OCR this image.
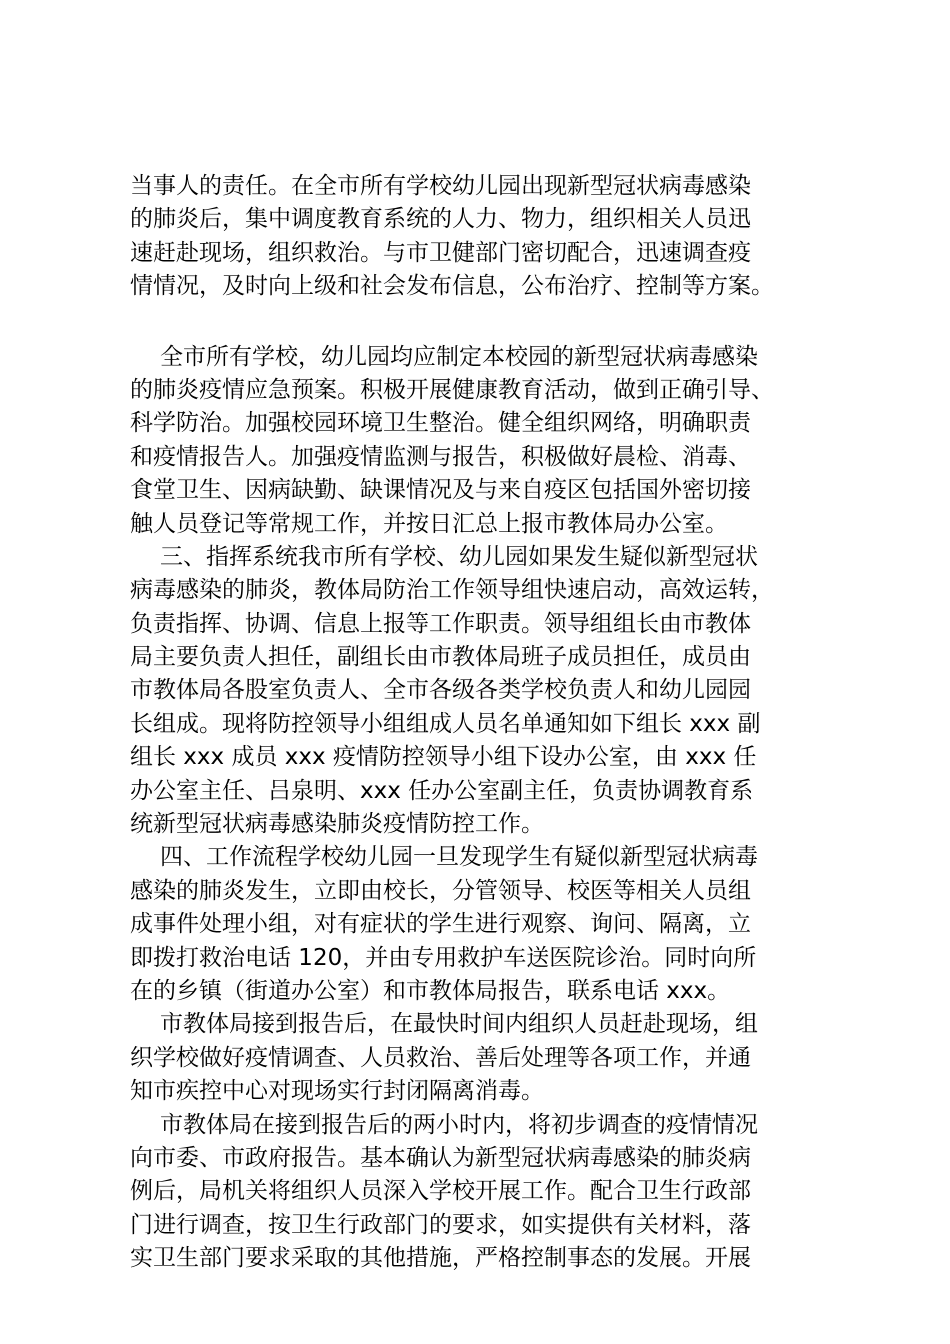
当事人的责任。在全市所有学校幼儿园出现新型冠状病毒感染
的肺炎后，集中调度教育系统的人力、物力，组织相关人员迅
速赶赴现场，组织救治。与市卫健部门密切配合，迅速调查疫
情情况，及时向上级和社会发布信息，公布治疗、控制等方案。
全市所有学校，幼儿园均应制定本校园的新型冠状病毒感染
的肺炎疫情应急预案。积极开展健康教育活动，做到正确引导、
科学防治。加强校园环境卫生整治。健全组织网络，明确职责
和疫情报告人。加强疫情监测与报告，积极做好晨检、消毒、
食堂卫生、因病缺勤、缺课情况及与来自疫区包括国外密切接
触人员登记等常规工作，并按日汇总上报市教体局办公室。
三、指挥系统我市所有学校、幼儿园如果发生疑似新型冠状
病毒感染的肺炎，教体局防治工作领导组快速启动，高效运转，
负责指挥、协调、信息上报等工作职责。领导组组长由市教体
局主要负责人担任，副组长由市教体局班子成员担任，成员由
市教体局各股室负责人、全市各级各类学校负责人和幼儿园园
长组成。现将防控领导小组组成人员名单通知如下组长 xxx 副
组长 xxx 成员 xxx 疫情防控领导小组下设办公室，由 xxx 任
办公室主任、吕泉明、xxx 任办公室副主任，负责协调教育系
统新型冠状病毒感染肺炎疫情防控工作。
四、工作流程学校幼儿园一旦发现学生有疑似新型冠状病毒
感染的肺炎发生，立即由校长，分管领导、校医等相关人员组
成事件处理小组，对有症状的学生进行观察、询问、隔离，立
即拨打救治电话 120，并由专用救护车送医院诊治。同时向所
在的乡镇（街道办公室）和市教体局报告，联系电话 xxx。
市教体局接到报告后，在最快时间内组织人员赶赴现场，组
织学校做好疫情调查、人员救治、善后处理等各项工作，并通
知市疾控中心对现场实行封闭隔离消毒。
市教体局在接到报告后的两小时内，将初步调查的疫情情况
向市委、市政府报告。基本确认为新型冠状病毒感染的肺炎病
例后，局机关将组织人员深入学校开展工作。配合卫生行政部
门进行调查，按卫生行政部门的要求，如实提供有关材料，落
实卫生部门要求采取的其他措施，严格控制事态的发展。开展
